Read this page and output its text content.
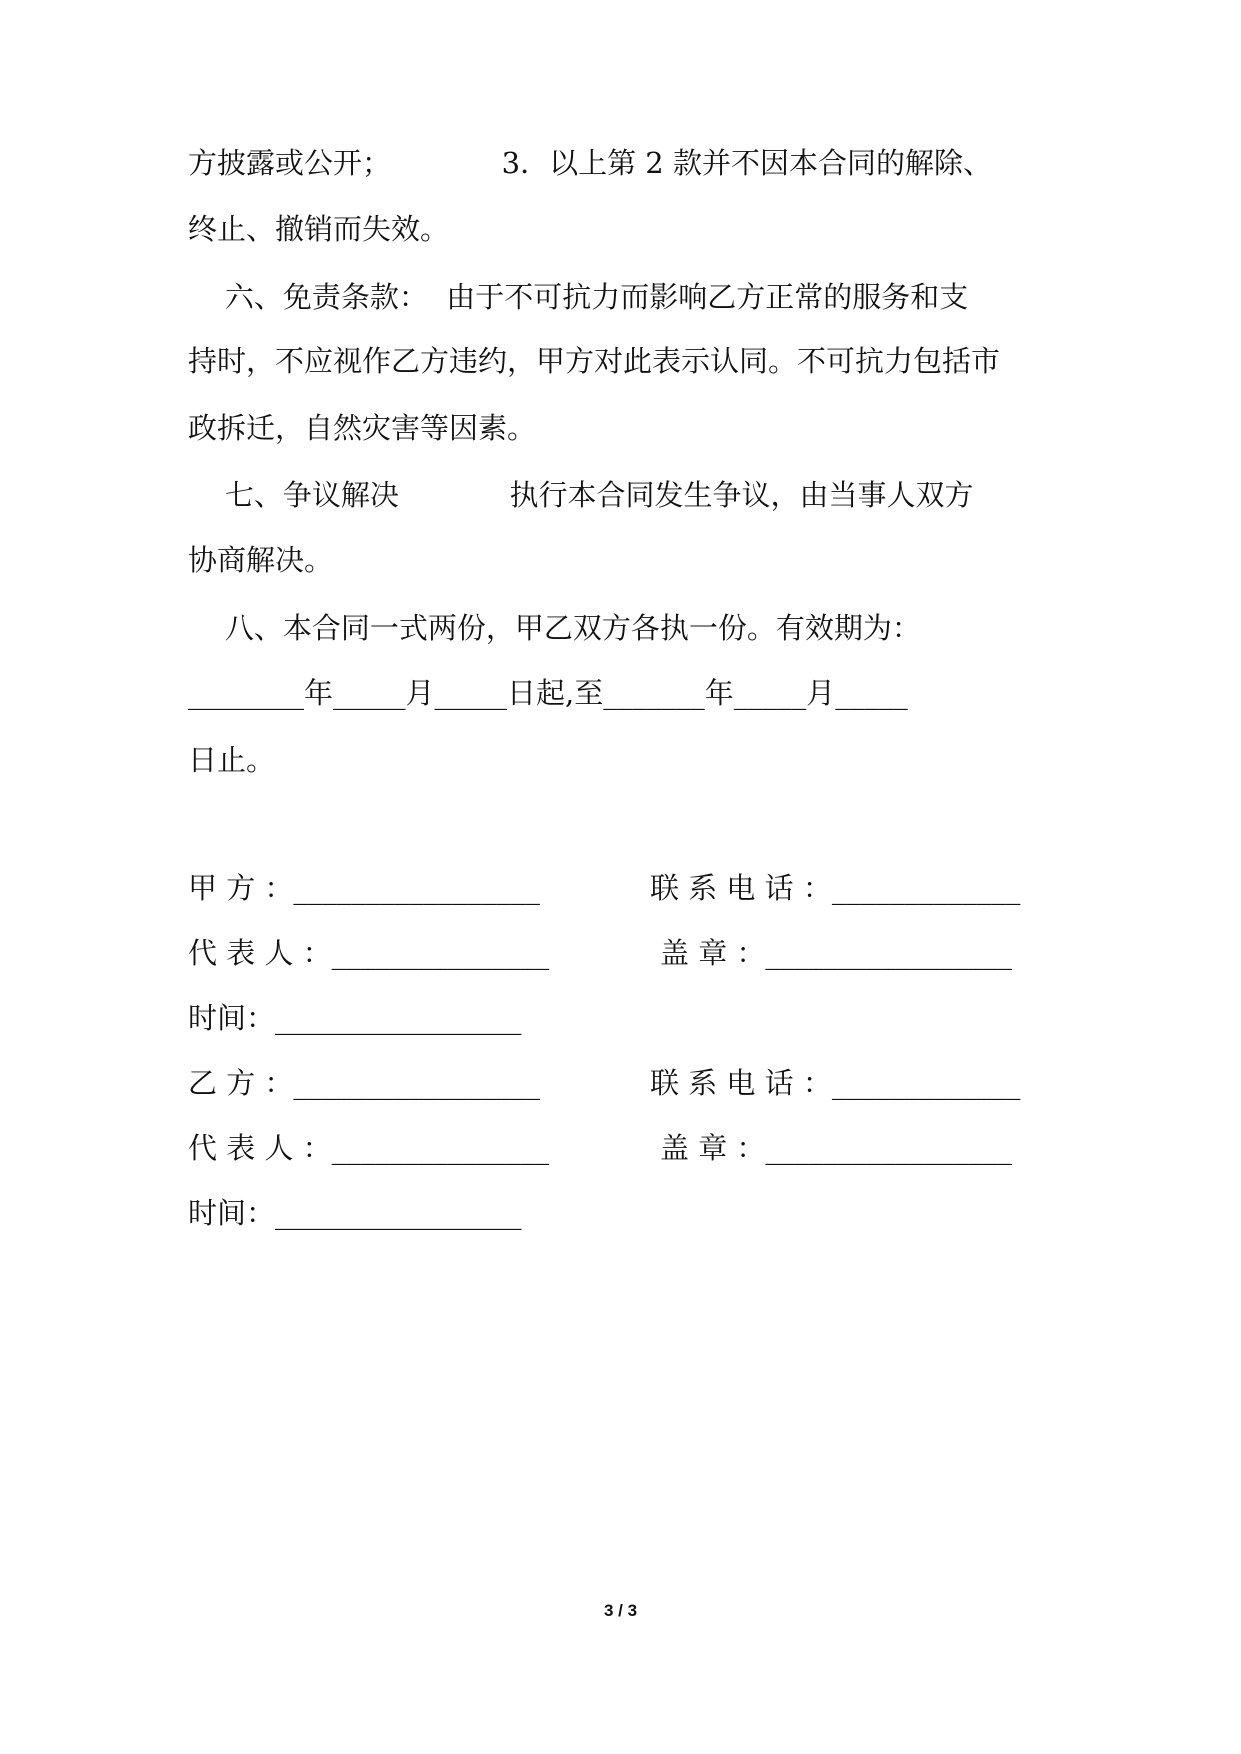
方披露或公开；            3．以上第 2 款并不因本合同的解除、
终止、撤销而失效。
六、免责条款：  由于不可抗力而影响乙方正常的服务和支
持时，不应视作乙方违约，甲方对此表示认同。不可抗力包括市
政拆迁，自然灾害等因素。
七、争议解决            执行本合同发生争议，由当事人双方
协商解决。
八、本合同一式两份，甲乙双方各执一份。有效期为：
________年_____月_____日起,至_______年_____月_____
日止。
甲 方 ：_________________	联 系 电 话 ：_____________
代 表 人 ：_______________	盖 章 ：_________________
时间：_________________
乙 方 ：_________________	联 系 电 话 ：_____________
代 表 人 ：_______________	盖 章 ：_________________
时间：_________________
3 / 3
